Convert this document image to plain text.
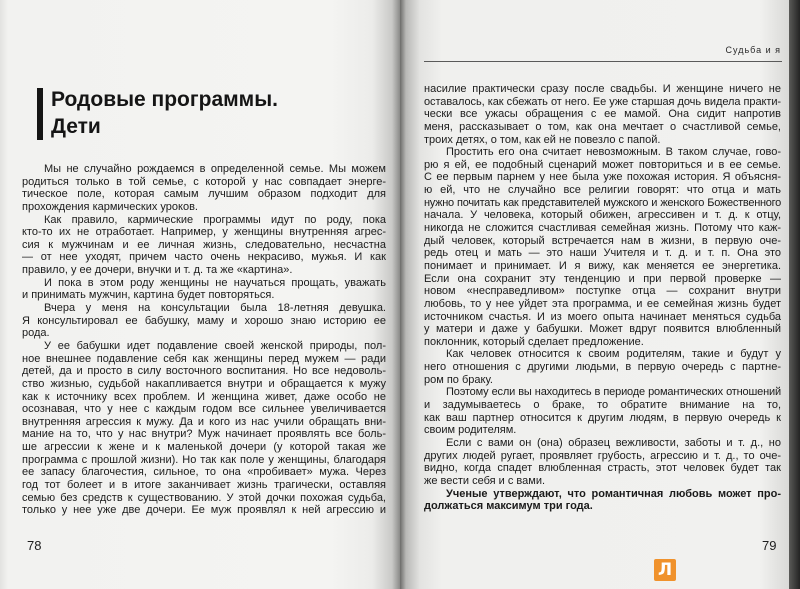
Родовые программы.
Дети
Мы не случайно рождаемся в определенной семье. Мы можем
родиться только в той семье, с которой у нас совпадает энерге-
тическое поле, которая самым лучшим образом подходит для
прохождения кармических уроков.
Как правило, кармические программы идут по роду, пока
кто-то их не отработает. Например, у женщины внутренняя агрес-
сия к мужчинам и ее личная жизнь, следовательно, несчастна
— от нее уходят, причем часто очень некрасиво, мужья. И как
правило, у ее дочери, внучки и т. д. та же «картина».
И пока в этом роду женщины не научаться прощать, уважать
и принимать мужчин, картина будет повторяться.
Вчера у меня на консультации была 18-летняя девушка.
Я консультировал ее бабушку, маму и хорошо знаю историю ее
рода.
У ее бабушки идет подавление своей женской природы, пол-
ное внешнее подавление себя как женщины перед мужем — ради
детей, да и просто в силу восточного воспитания. Но все недоволь-
ство жизнью, судьбой накапливается внутри и обращается к мужу
как к источнику всех проблем. И женщина живет, даже особо не
осознавая, что у нее с каждым годом все сильнее увеличивается
внутренняя агрессия к мужу. Да и кого из нас учили обращать вни-
мание на то, что у нас внутри? Муж начинает проявлять все боль-
ше агрессии к жене и к маленькой дочери (у которой такая же
программа с прошлой жизни). Но так как поле у женщины, благодаря
ее запасу благочестия, сильное, то она «пробивает» мужа. Через
год тот болеет и в итоге заканчивает жизнь трагически, оставляя
семью без средств к существованию. У этой дочки похожая судьба,
только у нее уже две дочери. Ее муж проявлял к ней агрессию и
Судьба и я
насилие практически сразу после свадьбы. И женщине ничего не
оставалось, как сбежать от него. Ее уже старшая дочь видела практи-
чески все ужасы обращения с ее мамой. Она сидит напротив
меня, рассказывает о том, как она мечтает о счастливой семье,
троих детях, о том, как ей не повезло с папой.
Простить его она считает невозможным. В таком случае, гово-
рю я ей, ее подобный сценарий может повториться и в ее семье.
С ее первым парнем у нее была уже похожая история. Я объясня-
ю ей, что не случайно все религии говорят: что отца и мать
нужно почитать как представителей мужского и женского Божественного
начала. У человека, который обижен, агрессивен и т. д. к отцу,
никогда не сложится счастливая семейная жизнь. Потому что каж-
дый человек, который встречается нам в жизни, в первую оче-
редь отец и мать — это наши Учителя и т. д. и т. п. Она это
понимает и принимает. И я вижу, как меняется ее энергетика.
Если она сохранит эту тенденцию и при первой проверке —
новом «несправедливом» поступке отца — сохранит внутри
любовь, то у нее уйдет эта программа, и ее семейная жизнь будет
источником счастья. И из моего опыта начинает меняться судьба
у матери и даже у бабушки. Может вдруг появится влюбленный
поклонник, который сделает предложение.
Как человек относится к своим родителям, такие и будут у
него отношения с другими людьми, в первую очередь с партне-
ром по браку.
Поэтому если вы находитесь в периоде романтических отношений
и задумываетесь о браке, то обратите внимание на то,
как ваш партнер относится к другим людям, в первую очередь к
своим родителям.
Если с вами он (она) образец вежливости, заботы и т. д., но
других людей ругает, проявляет грубость, агрессию и т. д., то оче-
видно, когда спадет влюбленная страсть, этот человек будет так
же вести себя и с вами.
Ученые утверждают, что романтичная любовь может про-
должаться максимум три года.
78	79
Л
